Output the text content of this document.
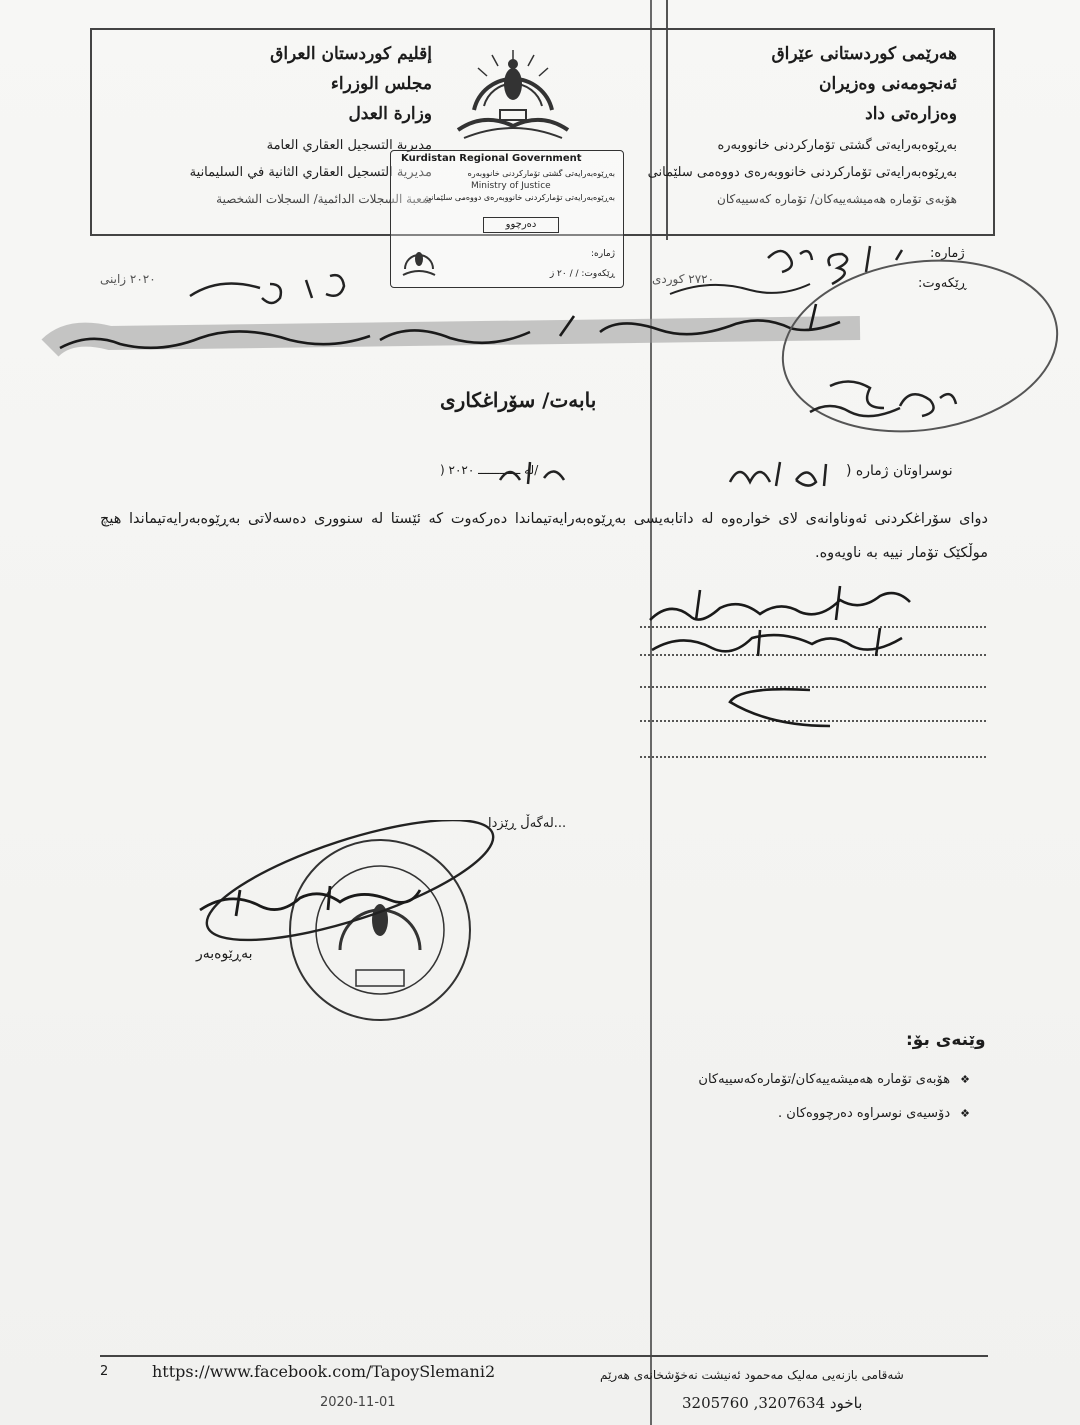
هەرێمی کوردستانی عێراق
ئەنجومەنی وەزیران
وەزارەتی داد
بەڕێوەبەرایەتی گشتی تۆمارکردنی خانووبەرە
بەڕێوەبەرایەتی تۆمارکردنی خانووبەرەی دووەمی سلێمانی
هۆبەی تۆمارە هەمیشەییەکان/ تۆمارە کەسییەکان
إقليم كوردستان العراق
مجلس الوزراء
وزارة العدل
مديرية التسجيل العقاري العامة
مديرية التسجيل العقاري الثانية في السليمانية
شعبة السجلات الدائمية/ السجلات الشخصية
Kurdistan Regional Government
بەڕێوەبەرایەتی گشتی تۆمارکردنی خانووبەرە
Ministry of Justice
بەڕێوەبەرایەتی تۆمارکردنی خانووبەرەی دووەمی سلێمانی
دەرچوو
ژمارە:
ڕێکەوت: / / ٢٠ ز
ژمارە:
ڕێکەوت:
٢٧٢٠ کوردی
٢٠٢٠ زاینی
بابەت/ سۆراغکاری
نوسراوتان ژمارە (
) لە ــــــــــــ ٢٠٢٠/
دوای سۆراغکردنی ئەوناوانەی لای خوارەوە لە داتابەیسی بەڕێوەبەرایەتیماندا دەرکەوت کە ئێستا لە سنووری دەسەلاتی بەڕێوەبەرایەتیماندا هیچ موڵکێک تۆمار نییە بە ناویەوە.
...لەگەڵ ڕێزدا
بەڕێوەبەر
وێنەی بۆ:
❖هۆبەی تۆمارە هەمیشەییەکان/تۆمارەکەسییەکان
❖دۆسیەی نوسراوە دەرچووەکان .
2	https://www.facebook.com/TapoySlemani2
2020-11-01
شەقامی بازنەیی مەلیک مەحمود ئەنیشت نەخۆشخانەی هەرێم
3205760 ,باخود 3207634
